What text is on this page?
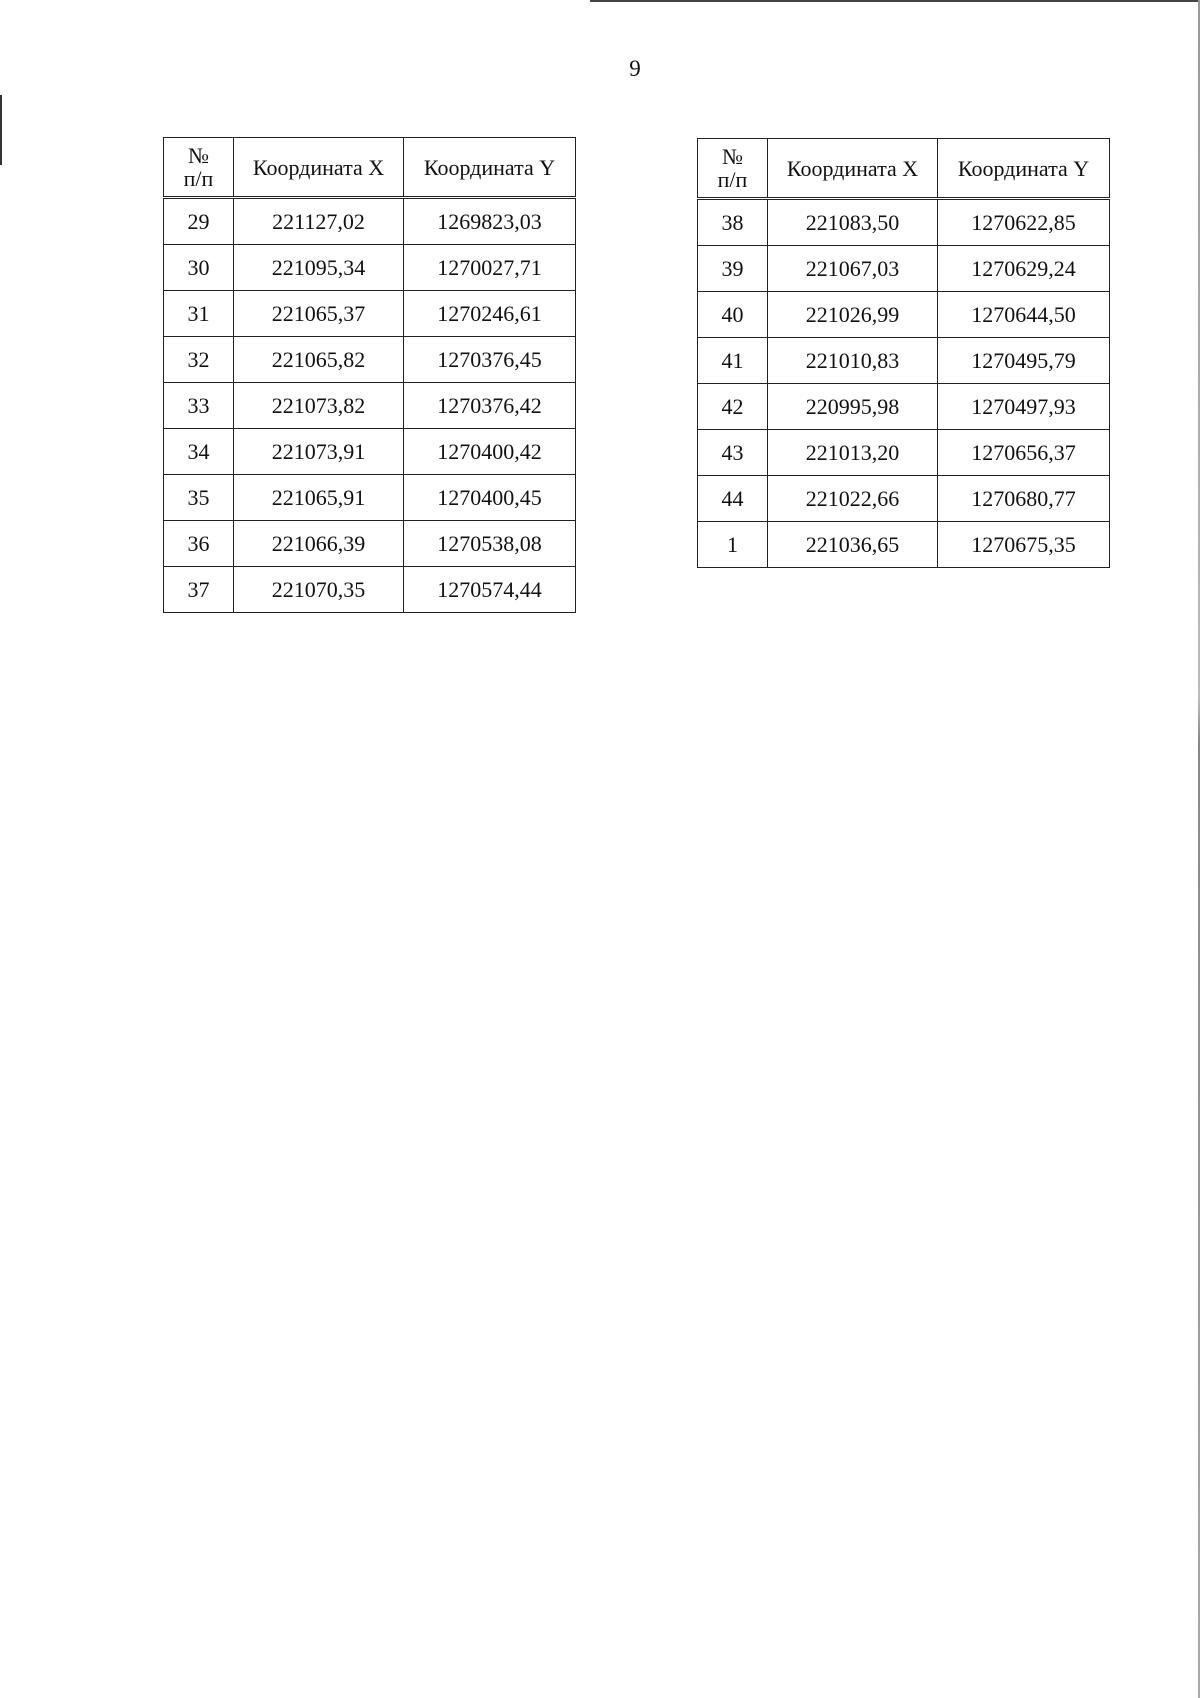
9
№
п/п	Координата X	Координата Y
29	221127,02	1269823,03
30	221095,34	1270027,71
31	221065,37	1270246,61
32	221065,82	1270376,45
33	221073,82	1270376,42
34	221073,91	1270400,42
35	221065,91	1270400,45
36	221066,39	1270538,08
37	221070,35	1270574,44
№
п/п	Координата X	Координата Y
38	221083,50	1270622,85
39	221067,03	1270629,24
40	221026,99	1270644,50
41	221010,83	1270495,79
42	220995,98	1270497,93
43	221013,20	1270656,37
44	221022,66	1270680,77
1	221036,65	1270675,35
